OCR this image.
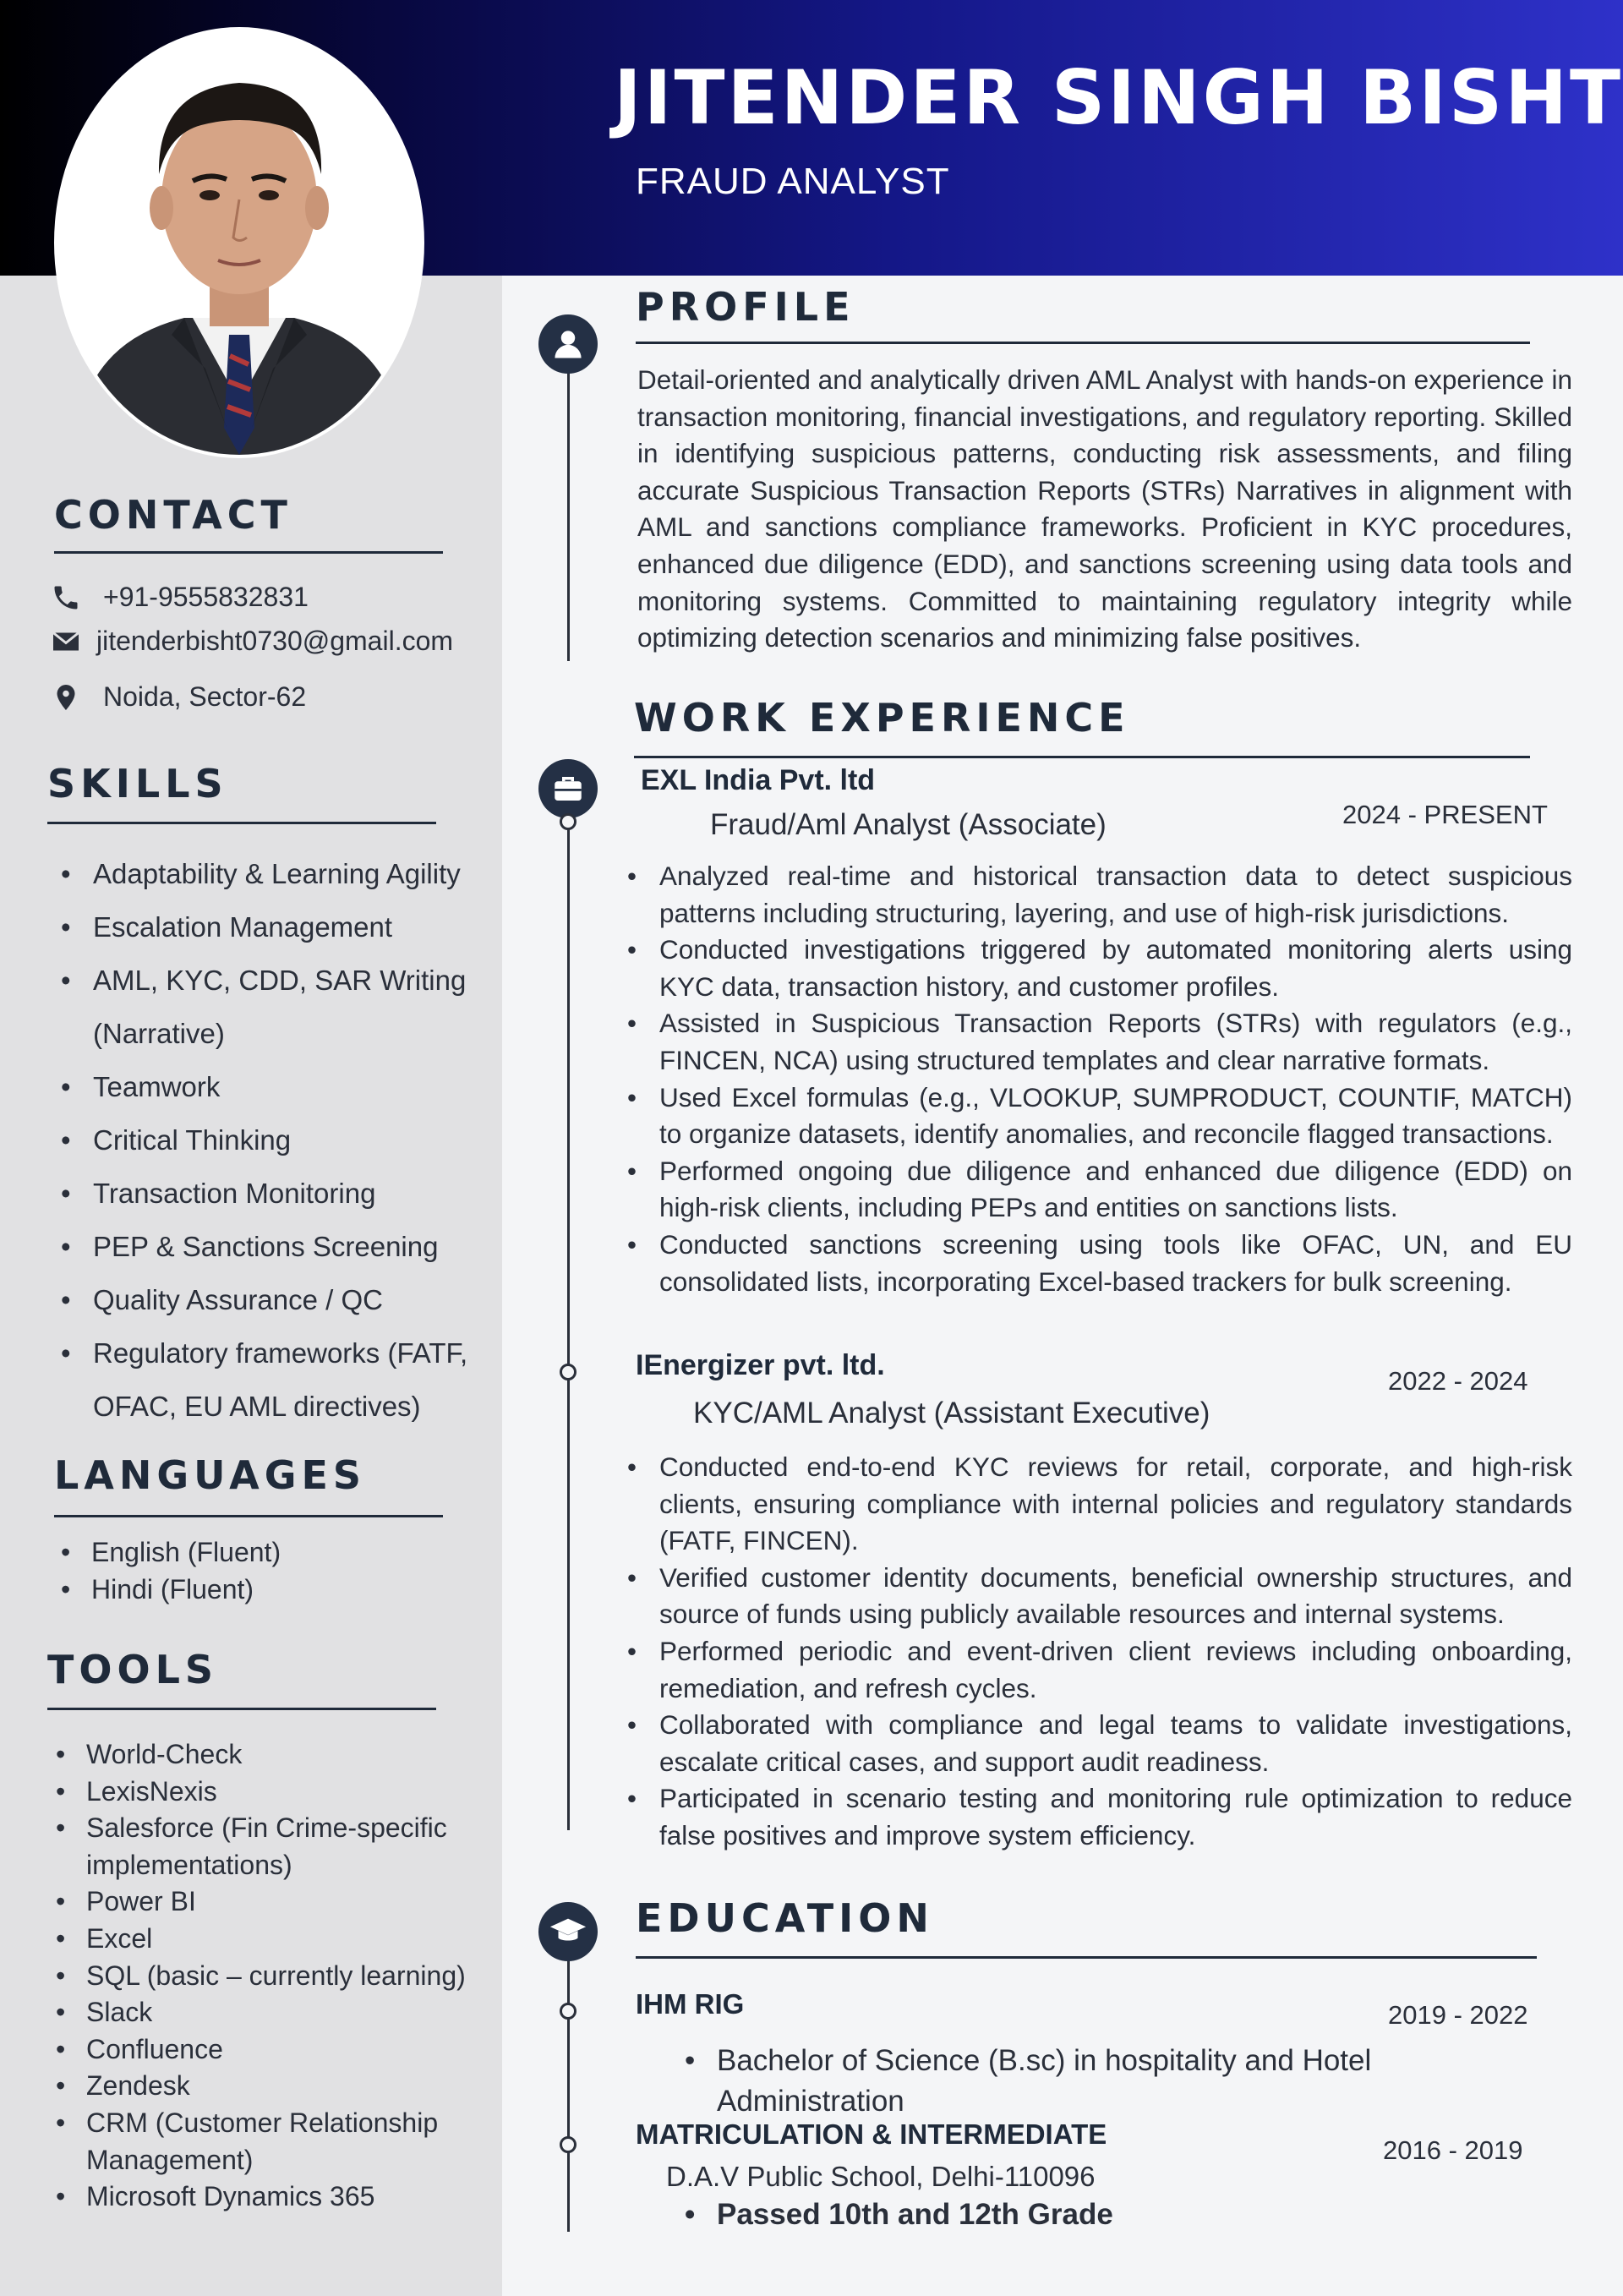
JITENDER SINGH BISHT
FRAUD ANALYST
CONTACT
+91-9555832831
jitenderbisht0730@gmail.com
Noida, Sector-62
SKILLS
• Adaptability & Learning Agility
• Escalation Management
• AML, KYC, CDD, SAR Writing
(Narrative)
• Teamwork
• Critical Thinking
• Transaction Monitoring
• PEP & Sanctions Screening
• Quality Assurance / QC
• Regulatory frameworks (FATF,
OFAC, EU AML directives)
LANGUAGES
• English (Fluent)
• Hindi (Fluent)
TOOLS
• World-Check
• LexisNexis
• Salesforce (Fin Crime-specific implementations)
• Power BI
• Excel
• SQL (basic – currently learning)
• Slack
• Confluence
• Zendesk
• CRM (Customer Relationship Management)
• Microsoft Dynamics 365
PROFILE

Detail-oriented and analytically driven AML Analyst with hands-on experience in transaction monitoring, financial investigations, and regulatory reporting. Skilled in identifying suspicious patterns, conducting risk assessments, and filing accurate Suspicious Transaction Reports (STRs) Narratives in alignment with AML and sanctions compliance frameworks. Proficient in KYC procedures, enhanced due diligence (EDD), and sanctions screening using data tools and monitoring systems. Committed to maintaining regulatory integrity while optimizing detection scenarios and minimizing false positives.

WORK EXPERIENCE
EXL India Pvt. ltd
Fraud/Aml Analyst (Associate)	2024 - PRESENT
• Analyzed real-time and historical transaction data to detect suspicious patterns including structuring, layering, and use of high-risk jurisdictions.
• Conducted investigations triggered by automated monitoring alerts using KYC data, transaction history, and customer profiles.
• Assisted in Suspicious Transaction Reports (STRs) with regulators (e.g., FINCEN, NCA) using structured templates and clear narrative formats.
• Used Excel formulas (e.g., VLOOKUP, SUMPRODUCT, COUNTIF, MATCH) to organize datasets, identify anomalies, and reconcile flagged transactions.
• Performed ongoing due diligence and enhanced due diligence (EDD) on high-risk clients, including PEPs and entities on sanctions lists.
• Conducted sanctions screening using tools like OFAC, UN, and EU consolidated lists, incorporating Excel-based trackers for bulk screening.
IEnergizer pvt. ltd.
KYC/AML Analyst (Assistant Executive)
2022 - 2024
• Conducted end-to-end KYC reviews for retail, corporate, and high-risk clients, ensuring compliance with internal policies and regulatory standards (FATF, FINCEN).
• Verified customer identity documents, beneficial ownership structures, and source of funds using publicly available resources and internal systems.
• Performed periodic and event-driven client reviews including onboarding, remediation, and refresh cycles.
• Collaborated with compliance and legal teams to validate investigations, escalate critical cases, and support audit readiness.
• Participated in scenario testing and monitoring rule optimization to reduce false positives and improve system efficiency.
EDUCATION
IHM RIG	2019 - 2022
• Bachelor of Science (B.sc) in hospitality and Hotel Administration
MATRICULATION & INTERMEDIATE
D.A.V Public School, Delhi-110096
2016 - 2019
• Passed 10th and 12th Grade
